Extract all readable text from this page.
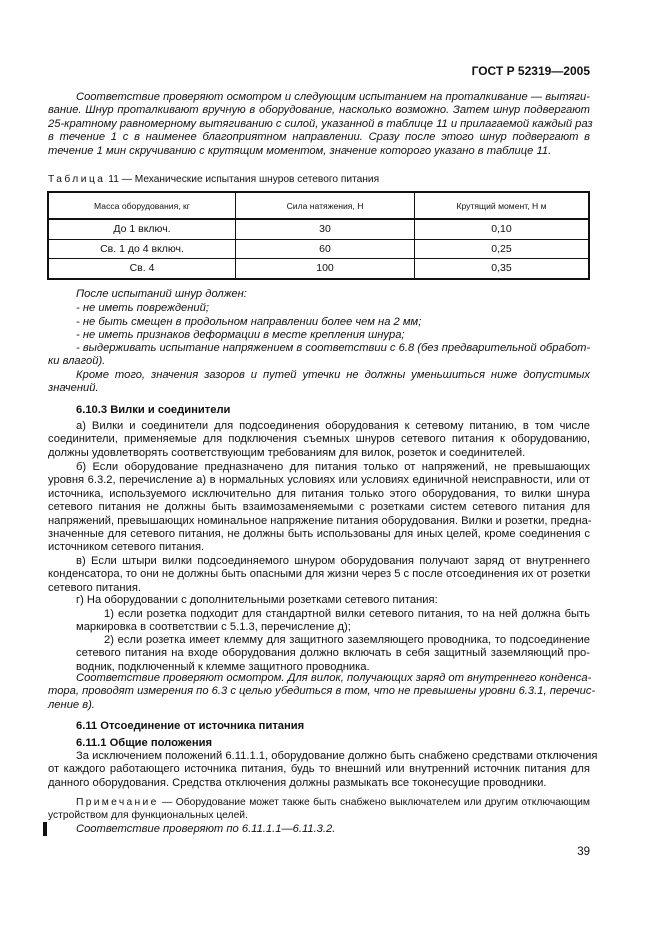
ГОСТ Р 52319—2005
Соответствие проверяют осмотром и следующим испытанием на проталкивание — вытяги-
вание. Шнур проталкивают вручную в оборудование, насколько возможно. Затем шнур подвергают
25-кратному равномерному вытягиванию с силой, указанной в таблице 11 и прилагаемой каждый раз
в течение 1 с в наименее благоприятном направлении. Сразу после этого шнур подвергают в
течение 1 мин скручиванию с крутящим моментом, значение которого указано в таблице 11.
Таблица 11 — Механические испытания шнуров сетевого питания
Масса оборудования, кг	Сила натяжения, Н	Крутящий момент, Н м
До 1 включ.	30	0,10
Св. 1 до 4 включ.	60	0,25
Св. 4	100	0,35
После испытаний шнур должен:
- не иметь повреждений;
- не быть смещен в продольном направлении более чем на 2 мм;
- не иметь признаков деформации в месте крепления шнура;
- выдерживать испытание напряжением в соответствии с 6.8 (без предварительной обработ-
ки влагой).
Кроме того, значения зазоров и путей утечки не должны уменьшиться ниже допустимых
значений.
6.10.3 Вилки и соединители
а) Вилки и соединители для подсоединения оборудования к сетевому питанию, в том числе
соединители, применяемые для подключения съемных шнуров сетевого питания к оборудованию,
должны удовлетворять соответствующим требованиям для вилок, розеток и соединителей.
б) Если оборудование предназначено для питания только от напряжений, не превышающих
уровня 6.3.2, перечисление а) в нормальных условиях или условиях единичной неисправности, или от
источника, используемого исключительно для питания только этого оборудования, то вилки шнура
сетевого питания не должны быть взаимозаменяемыми с розетками систем сетевого питания для
напряжений, превышающих номинальное напряжение питания оборудования. Вилки и розетки, предна-
значенные для сетевого питания, не должны быть использованы для иных целей, кроме соединения с
источником сетевого питания.
в) Если штыри вилки подсоединяемого шнуром оборудования получают заряд от внутреннего
конденсатора, то они не должны быть опасными для жизни через 5 с после отсоединения их от розетки
сетевого питания.
г) На оборудовании с дополнительными розетками сетевого питания:
1) если розетка подходит для стандартной вилки сетевого питания, то на ней должна быть
маркировка в соответствии с 5.1.3, перечисление д);
2) если розетка имеет клемму для защитного заземляющего проводника, то подсоединение
сетевого питания на входе оборудования должно включать в себя защитный заземляющий про-
водник, подключенный к клемме защитного проводника.
Соответствие проверяют осмотром. Для вилок, получающих заряд от внутреннего конденса-
тора, проводят измерения по 6.3 с целью убедиться в том, что не превышены уровни 6.3.1, перечис-
ление в).
6.11 Отсоединение от источника питания
6.11.1 Общие положения
За исключением положений 6.11.1.1, оборудование должно быть снабжено средствами отключения
от каждого работающего источника питания, будь то внешний или внутренний источник питания для
данного оборудования. Средства отключения должны размыкать все токонесущие проводники.
Примечание — Оборудование может также быть снабжено выключателем или другим отключающим
устройством для функциональных целей.
Соответствие проверяют по 6.11.1.1—6.11.3.2.
39
